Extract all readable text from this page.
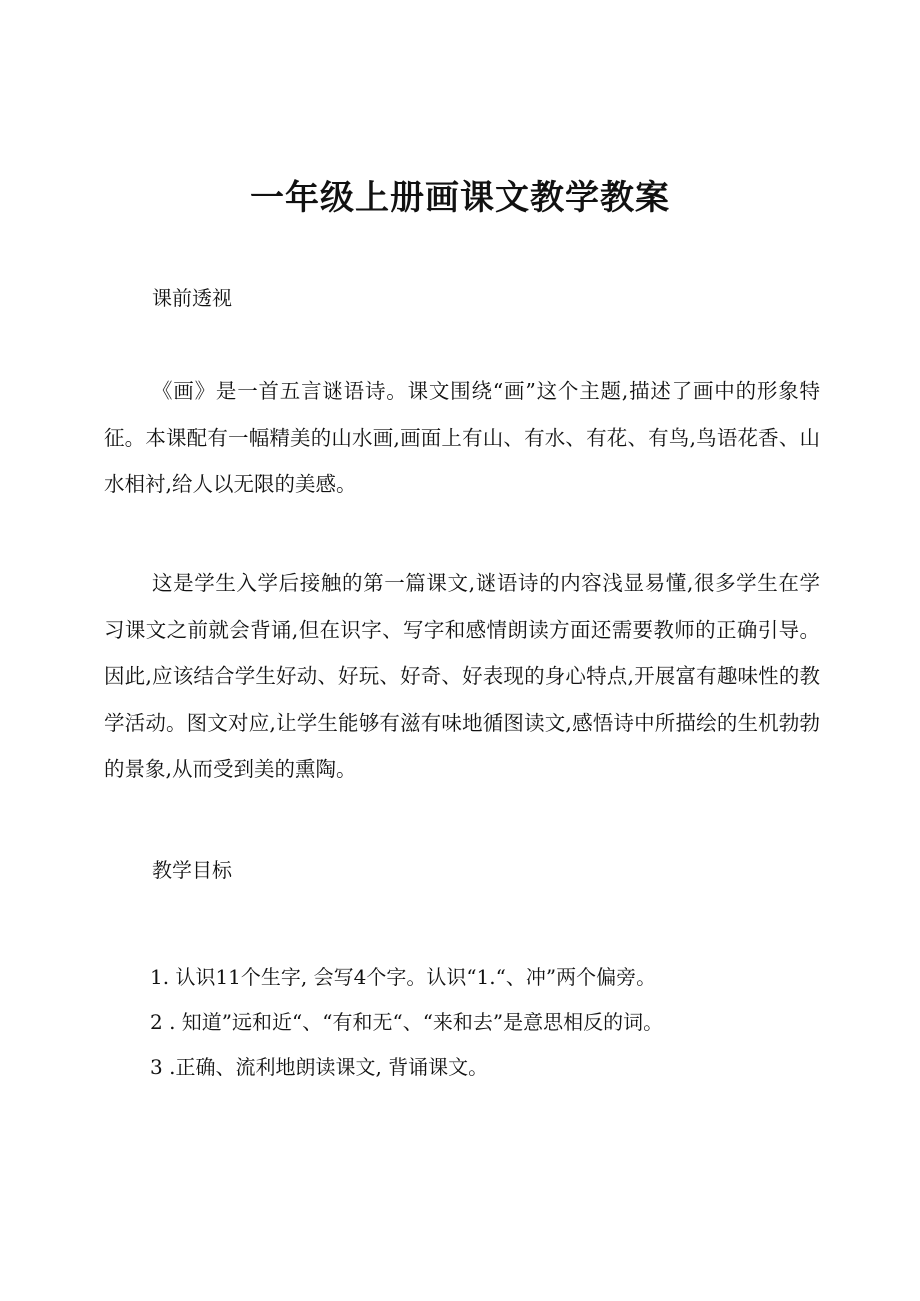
一年级上册画课文教学教案
课前透视

《画》是一首五言谜语诗。课文围绕“画”这个主题,描述了画中的形象特征。本课配有一幅精美的山水画,画面上有山、有水、有花、有鸟,鸟语花香、山水相衬,给人以无限的美感。

这是学生入学后接触的第一篇课文,谜语诗的内容浅显易懂,很多学生在学习课文之前就会背诵,但在识字、写字和感情朗读方面还需要教师的正确引导。因此,应该结合学生好动、好玩、好奇、好表现的身心特点,开展富有趣味性的教学活动。图文对应,让学生能够有滋有味地循图读文,感悟诗中所描绘的生机勃勃的景象,从而受到美的熏陶。

教学目标
1. 认识11个生字, 会写4个字。认识“1.“、冲”两个偏旁。
2 . 知道”远和近“、“有和无“、“来和去”是意思相反的词。
3 .正确、流利地朗读课文, 背诵课文。
